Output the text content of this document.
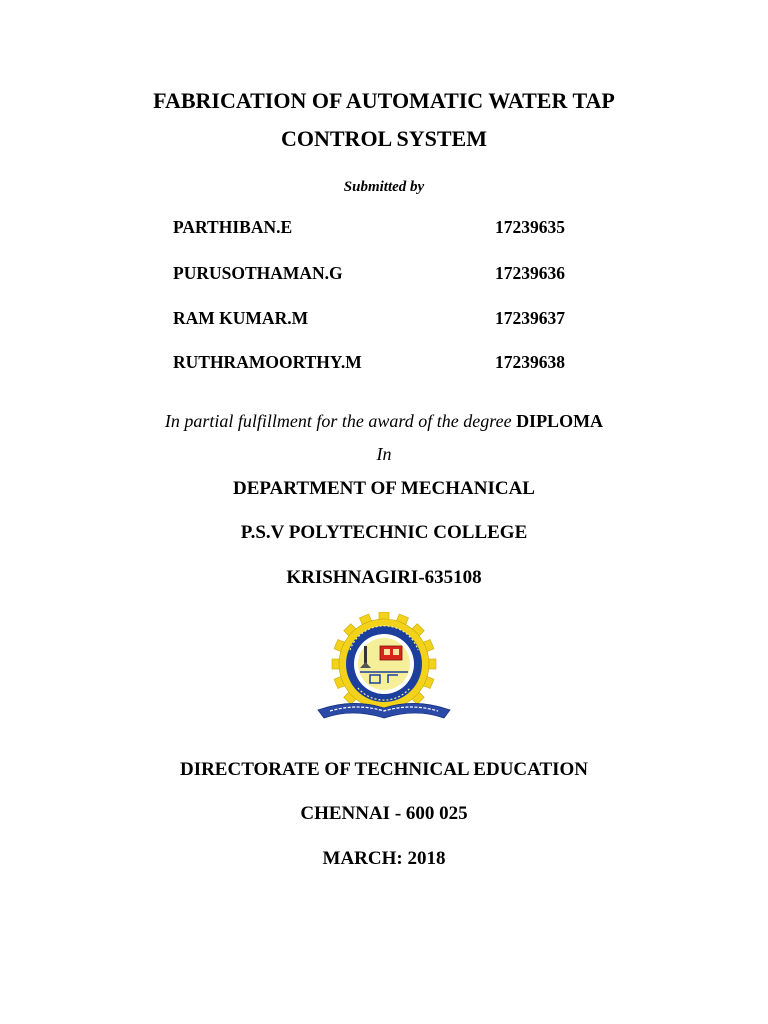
FABRICATION OF AUTOMATIC WATER TAP
CONTROL SYSTEM
Submitted by
PARTHIBAN.E	17239635
PURUSOTHAMAN.G	17239636
RAM KUMAR.M	17239637
RUTHRAMOORTHY.M	17239638
In partial fulfillment for the award of the degree DIPLOMA
In
DEPARTMENT OF MECHANICAL
P.S.V POLYTECHNIC COLLEGE
KRISHNAGIRI-635108
DIRECTORATE OF TECHNICAL EDUCATION
CHENNAI - 600 025
MARCH: 2018
